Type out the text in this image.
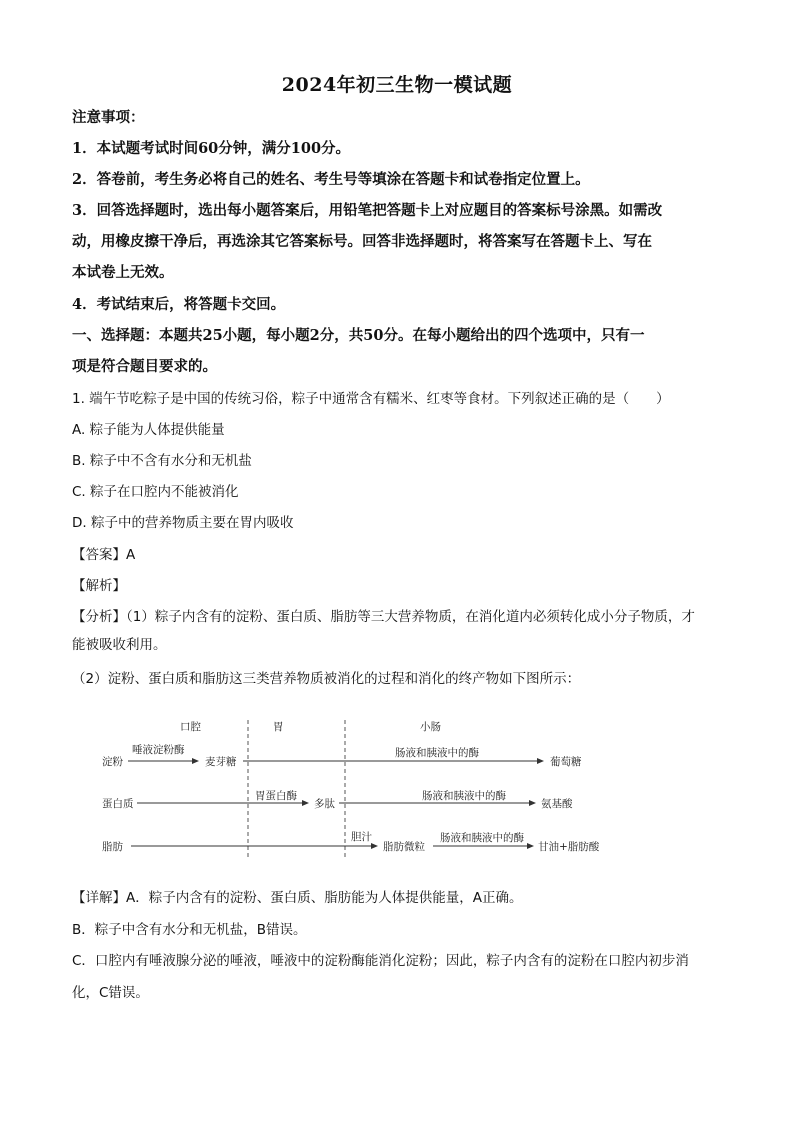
2024年初三生物一模试题
注意事项：
1．本试题考试时间60分钟，满分100分。
2．答卷前，考生务必将自己的姓名、考生号等填涂在答题卡和试卷指定位置上。
3．回答选择题时，选出每小题答案后，用铅笔把答题卡上对应题目的答案标号涂黑。如需改
动，用橡皮擦干净后，再选涂其它答案标号。回答非选择题时，将答案写在答题卡上、写在
本试卷上无效。
4．考试结束后，将答题卡交回。
一、选择题：本题共25小题，每小题2分，共50分。在每小题给出的四个选项中，只有一
项是符合题目要求的。
1. 端午节吃粽子是中国的传统习俗，粽子中通常含有糯米、红枣等食材。下列叙述正确的是（　　）
A. 粽子能为人体提供能量
B. 粽子中不含有水分和无机盐
C. 粽子在口腔内不能被消化
D. 粽子中的营养物质主要在胃内吸收
【答案】A
【解析】
【分析】（1）粽子内含有的淀粉、蛋白质、脂肪等三大营养物质，在消化道内必须转化成小分子物质，才
能被吸收利用。
（2）淀粉、蛋白质和脂肪这三类营养物质被消化的过程和消化的终产物如下图所示：
口腔	胃	小肠
淀粉
唾液淀粉酶
麦芽糖
肠液和胰液中的酶
葡萄糖
蛋白质
胃蛋白酶
多肽
肠液和胰液中的酶
氨基酸
脂肪
胆汁
脂肪微粒
肠液和胰液中的酶
甘油+脂肪酸
【详解】A．粽子内含有的淀粉、蛋白质、脂肪能为人体提供能量，A正确。
B．粽子中含有水分和无机盐，B错误。
C．口腔内有唾液腺分泌的唾液，唾液中的淀粉酶能消化淀粉；因此，粽子内含有的淀粉在口腔内初步消
化，C错误。
